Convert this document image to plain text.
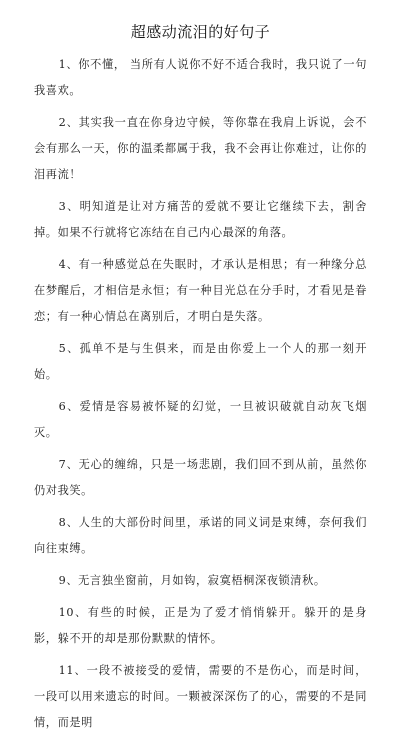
超感动流泪的好句子

1、你不懂， 当所有人说你不好不适合我时，我只说了一句我喜欢。

2、其实我一直在你身边守候，等你靠在我肩上诉说，会不会有那么一天，你的温柔都属于我，我不会再让你难过，让你的泪再流！

3、明知道是让对方痛苦的爱就不要让它继续下去，割舍掉。如果不行就将它冻结在自己内心最深的角落。

4、有一种感觉总在失眠时，才承认是相思；有一种缘分总在梦醒后，才相信是永恒；有一种目光总在分手时，才看见是眷恋；有一种心情总在离别后，才明白是失落。

5、孤单不是与生俱来，而是由你爱上一个人的那一刻开始。

6、爱情是容易被怀疑的幻觉，一旦被识破就自动灰飞烟灭。

7、无心的缠绵，只是一场悲剧，我们回不到从前，虽然你仍对我笑。

8、人生的大部份时间里，承诺的同义词是束缚，奈何我们向往束缚。

9、无言独坐窗前，月如钩，寂寞梧桐深夜锁清秋。

10、有些的时候，正是为了爱才悄悄躲开。躲开的是身影，躲不开的却是那份默默的情怀。

11、一段不被接受的爱情，需要的不是伤心，而是时间，一段可以用来遗忘的时间。一颗被深深伤了的心，需要的不是同情，而是明
